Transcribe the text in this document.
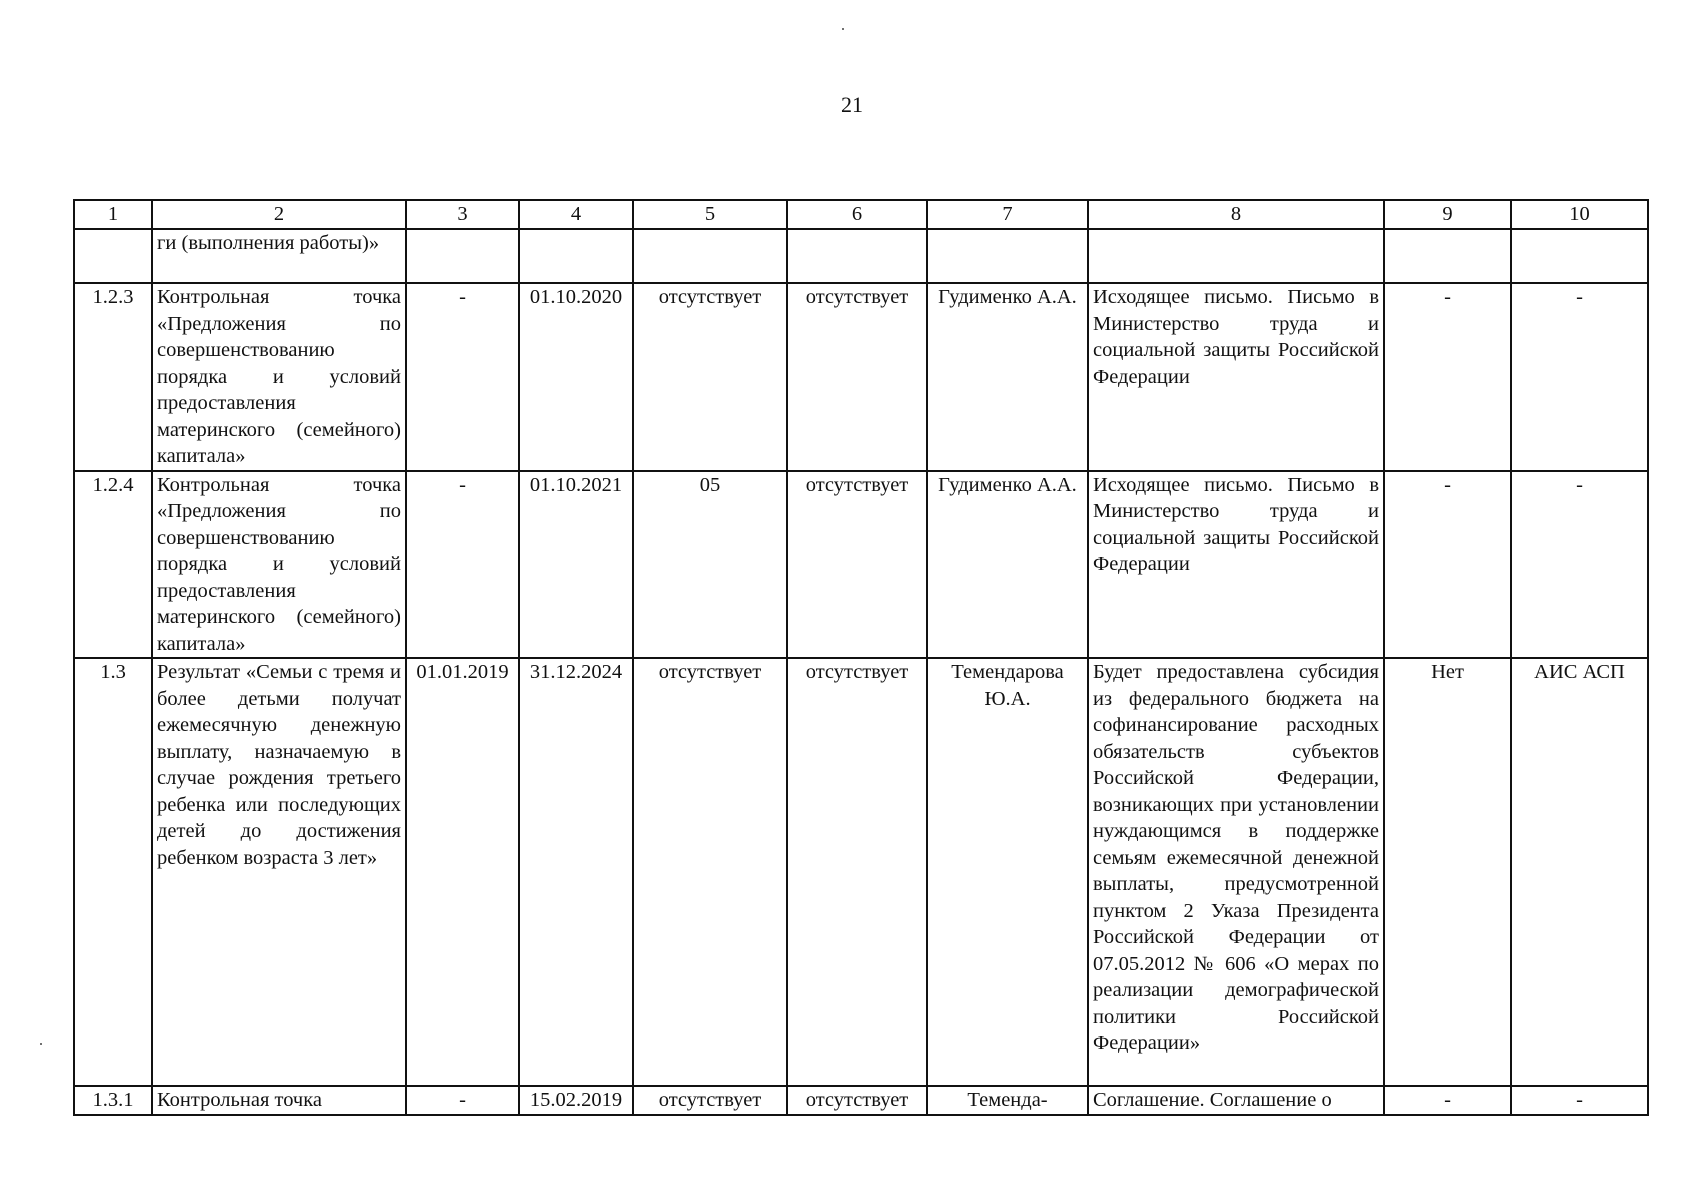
21
1	2	3	4	5	6	7	8	9	10
	ги (выполнения работы)»								
1.2.3	Контрольная точка «Предложения по совершенствованию порядка и условий предоставления материнского (семейного) капитала»	-	01.10.2020	отсутствует	отсутствует	Гудименко А.А.	Исходящее письмо. Письмо в Министерство труда и социальной защиты Российской Федерации	-	-
1.2.4	Контрольная точка «Предложения по совершенствованию порядка и условий предоставления материнского (семейного) капитала»	-	01.10.2021	05	отсутствует	Гудименко А.А.	Исходящее письмо. Письмо в Министерство труда и социальной защиты Российской Федерации	-	-
1.3	Результат «Семьи с тремя и более детьми получат ежемесячную денежную выплату, назначаемую в случае рождения третьего ребенка или последующих детей до достижения ребенком возраста 3 лет»	01.01.2019	31.12.2024	отсутствует	отсутствует	Темендарова Ю.А.	Будет предоставлена субсидия из федерального бюджета на софинансирование расходных обязательств субъектов Российской Федерации, возникающих при установлении нуждающимся в поддержке семьям ежемесячной денежной выплаты, предусмотренной пунктом 2 Указа Президента Российской Федерации от 07.05.2012 № 606 «О мерах по реализации демографической политики Российской Федерации»	Нет	АИС АСП
1.3.1	Контрольная точка	-	15.02.2019	отсутствует	отсутствует	Теменда-	Соглашение. Соглашение о	-	-
